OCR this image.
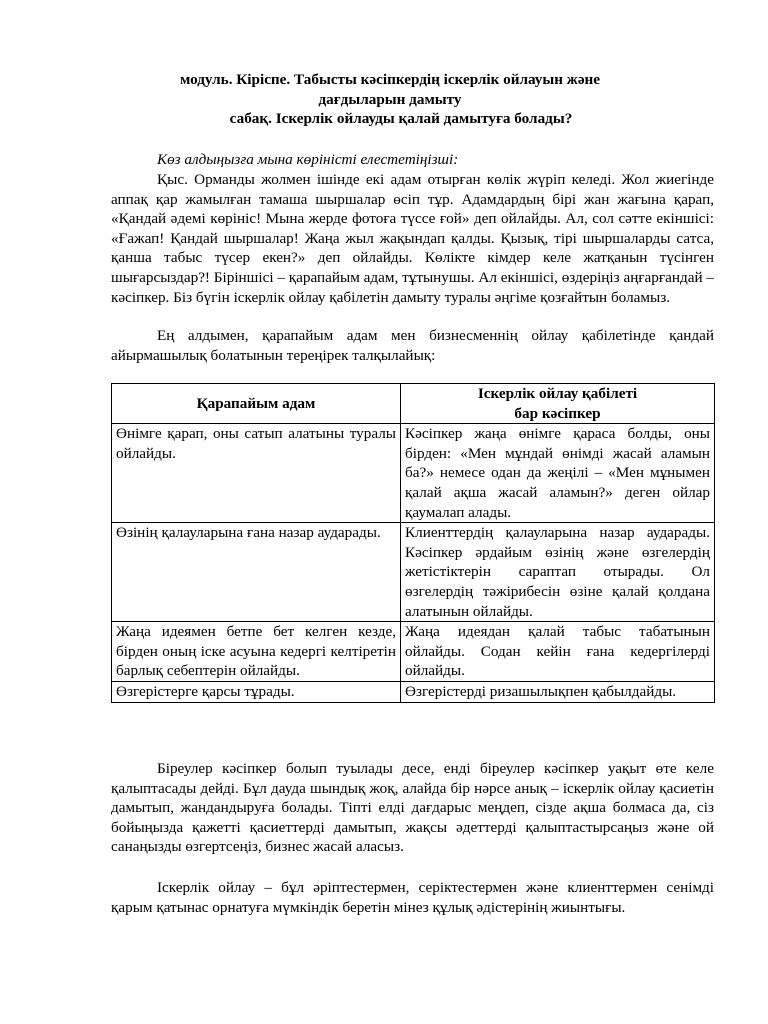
модуль. Кіріспе. Табысты кәсіпкердің іскерлік ойлауын және
дағдыларын дамыту
сабақ. Іскерлік ойлауды қалай дамытуға болады?
Көз алдыңызға мына көріністі елестетіңізші:
Қыс. Орманды жолмен ішінде екі адам отырған көлік жүріп келеді. Жол жиегінде аппақ қар жамылған тамаша шыршалар өсіп тұр. Адамдардың бірі жан жағына қарап, «Қандай әдемі көрініс! Мына жерде фотоға түссе ғой» деп ойлайды. Ал, сол сәтте екіншісі: «Ғажап! Қандай шыршалар! Жаңа жыл жақындап қалды. Қызық, тірі шыршаларды сатса, қанша табыс түсер екен?» деп ойлайды. Көлікте кімдер келе жатқанын түсінген шығарсыздар?! Біріншісі – қарапайым адам, тұтынушы. Ал екіншісі, өздеріңіз аңғарғандай – кәсіпкер. Біз бүгін іскерлік ойлау қабілетін дамыту туралы әңгіме қозғайтын боламыз.
Ең алдымен, қарапайым адам мен бизнесменнің ойлау қабілетінде қандай айырмашылық болатынын тереңірек талқылайық:
Қарапайым адам	Іскерлік ойлау қабілеті
бар кәсіпкер

Өнімге қарап, оны сатып алатыны туралы ойлайды.	Кәсіпкер жаңа өнімге қараса болды, оны бірден: «Мен мұндай өнімді жасай аламын ба?» немесе одан да жеңілі – «Мен мұнымен қалай ақша жасай аламын?» деген ойлар қаумалап алады.
Өзінің қалауларына ғана назар аударады.	Клиенттердің қалауларына назар аударады. Кәсіпкер әрдайым өзінің және өзгелердің жетістіктерін сараптап отырады. Ол өзгелердің тәжірибесін өзіне қалай қолдана алатынын ойлайды.
Жаңа идеямен бетпе бет келген кезде, бірден оның іске асуына кедергі келтіретін барлық себептерін ойлайды.	Жаңа идеядан қалай табыс табатынын ойлайды. Содан кейін ғана кедергілерді ойлайды.
Өзгерістерге қарсы тұрады.	Өзгерістерді ризашылықпен қабылдайды.
Біреулер кәсіпкер болып туылады десе, енді біреулер кәсіпкер уақыт өте келе қалыптасады дейді. Бұл дауда шындық жоқ, алайда бір нәрсе анық – іскерлік ойлау қасиетін дамытып, жандандыруға болады. Тіпті елді дағдарыс меңдеп, сізде ақша болмаса да, сіз бойыңызда қажетті қасиеттерді дамытып, жақсы әдеттерді қалыптастырсаңыз және ой санаңызды өзгертсеңіз, бизнес жасай аласыз.
Іскерлік ойлау – бұл әріптестермен, серіктестермен және клиенттермен сенімді қарым қатынас орнатуға мүмкіндік беретін мінез құлық әдістерінің жиынтығы.
